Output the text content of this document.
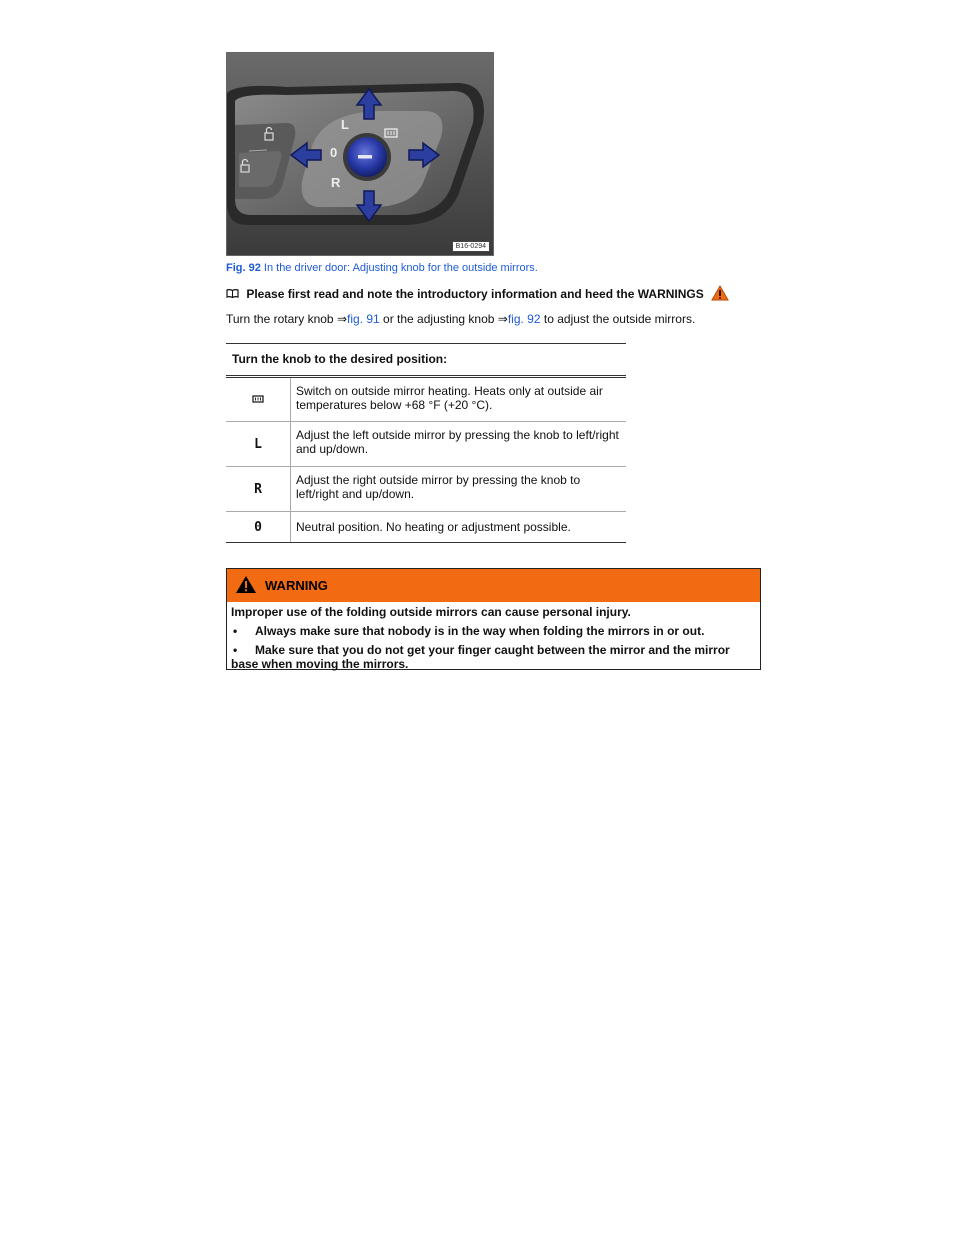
L
0
R
B16-0294
Fig. 92 In the driver door: Adjusting knob for the outside mirrors.
Please first read and note the introductory information and heed the WARNINGS
Turn the rotary knob ⇒fig. 91 or the adjusting knob ⇒fig. 92 to adjust the outside mirrors.
Turn the knob to the desired position:
Switch on outside mirror heating. Heats only at outside air temperatures below +68 °F (+20 °C).
L
Adjust the left outside mirror by pressing the knob to left/right and up/down.
R
Adjust the right outside mirror by pressing the knob to left/right and up/down.
0	Neutral position. No heating or adjustment possible.
WARNING

Improper use of the folding outside mirrors can cause personal injury.

•	Always make sure that nobody is in the way when folding the mirrors in or out.

• Make sure that you do not get your finger caught between the mirror and the mirror base when moving the mirrors.
